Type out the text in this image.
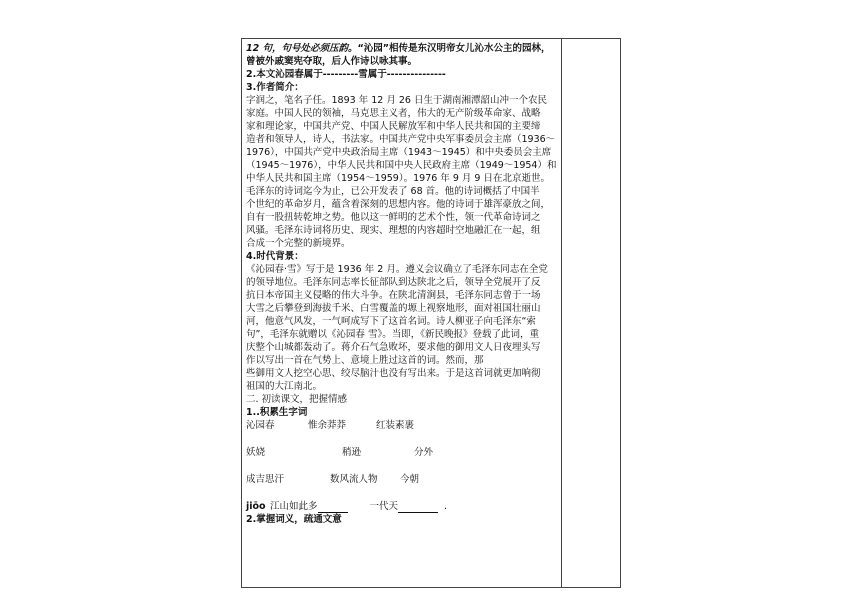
12 句，句号处必须压韵。“沁园”相传是东汉明帝女儿沁水公主的园林，

曾被外戚窦宪夺取，后人作诗以咏其事。

2.本文沁园春属于---------雪属于---------------

3.作者简介：

字润之，笔名子任。1893 年 12 月 26 日生于湖南湘潭韶山冲一个农民

家庭。中国人民的领袖，马克思主义者，伟大的无产阶级革命家、战略

家和理论家，中国共产党、中国人民解放军和中华人民共和国的主要缔

造者和领导人，诗人，书法家。中国共产党中央军事委员会主席（1936～

1976），中国共产党中央政治局主席（1943～1945）和中央委员会主席

（1945～1976），中华人民共和国中央人民政府主席（1949～1954）和

中华人民共和国主席（1954～1959）。1976 年 9 月 9 日在北京逝世。

毛泽东的诗词迄今为止，已公开发表了 68 首。他的诗词概括了中国半

个世纪的革命岁月，蕴含着深刻的思想内容。他的诗词于雄浑豪放之间，

自有一股扭转乾坤之势。他以这一鲜明的艺术个性，领一代革命诗词之

风骚。毛泽东诗词将历史、现实、理想的内容超时空地融汇在一起，组

合成一个完整的新境界。

4.时代背景：

《沁园春·雪》写于是 1936 年 2 月。遵义会议确立了毛泽东同志在全党

的领导地位。毛泽东同志率长征部队到达陕北之后，领导全党展开了反

抗日本帝国主义侵略的伟大斗争。在陕北清涧县，毛泽东同志曾于一场

大雪之后攀登到海拔千米、白雪覆盖的塬上视察地形，面对祖国壮丽山

河，他意气风发，一气呵成写下了这首名词。诗人柳亚子向毛泽东“索

句”，毛泽东就赠以《沁园春 雪》。当即，《新民晚报》登载了此词，重

庆整个山城都轰动了。蒋介石气急败坏，要求他的御用文人日夜埋头写

作以写出一首在气势上、意境上胜过这首的词。然而，那

些御用文人挖空心思、绞尽脑汁也没有写出来。于是这首词就更加响彻

祖国的大江南北。

二. 初读课文，把握情感

1..积累生字词

沁园春	惟余莽莽	红装素裹
妖娆	稍逊	分外
成吉思汗	数风流人物	今朝
jiōo 江山如此多	一代天	.

2.掌握词义，疏通文意
